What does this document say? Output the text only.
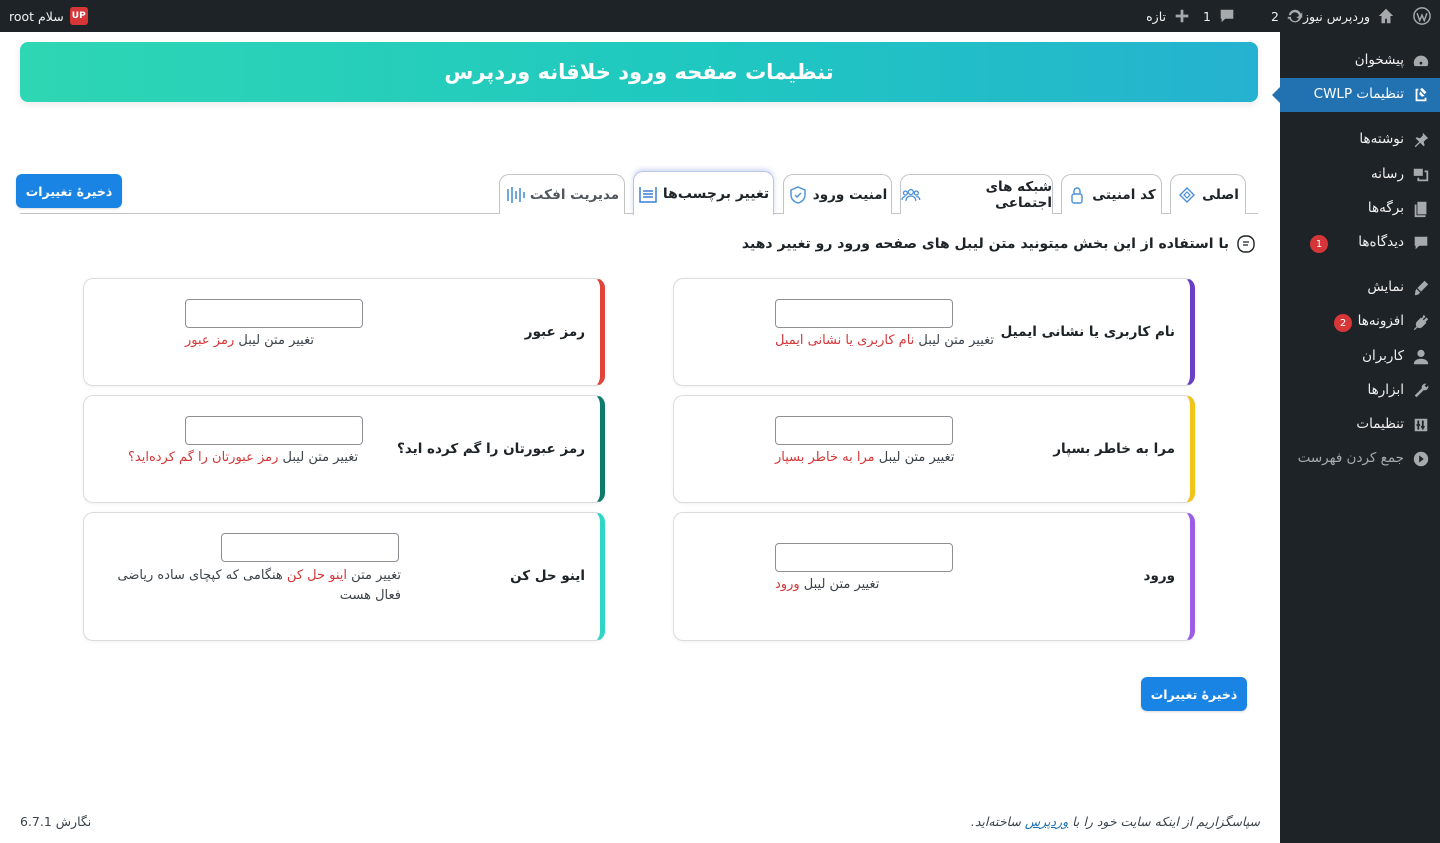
وردپرس نیوز
2
1
تازه
UP
سلام root
پیشخوان
تنظیمات CWLP
نوشته‌ها
رسانه
برگه‌ها
دیدگاه‌ها
1
نمایش
افزونه‌ها
2
کاربران
ابزارها
تنظیمات
جمع کردن فهرست
تنظیمات صفحه ورود خلاقانه وردپرس
اصلی
کد امنیتی
شبکه های اجتماعی
امنیت ورود
تغییر برچسب‌ها
مدیریت افکت
ذخیرهٔ تغییرات
با استفاده از این بخش میتونید متن لیبل های صفحه ورود رو تغییر دهید
نام کاربری یا نشانی ایمیل
تغییر متن لیبل نام کاربری یا نشانی ایمیل
مرا به خاطر بسپار
تغییر متن لیبل مرا به خاطر بسپار
ورود
تغییر متن لیبل ورود
رمز عبور
تغییر متن لیبل رمز عبور
رمز عبورتان را گم کرده اید؟
تغییر متن لیبل رمز عبورتان را گم کرده‌اید؟
اینو حل کن
تغییر متن اینو حل کن هنگامی که کپچای ساده ریاضی فعال هست
ذخیرهٔ تغییرات
سپاسگزاریم از اینکه سایت خود را با وردپرس ساخته‌اید.
نگارش 6.7.1
